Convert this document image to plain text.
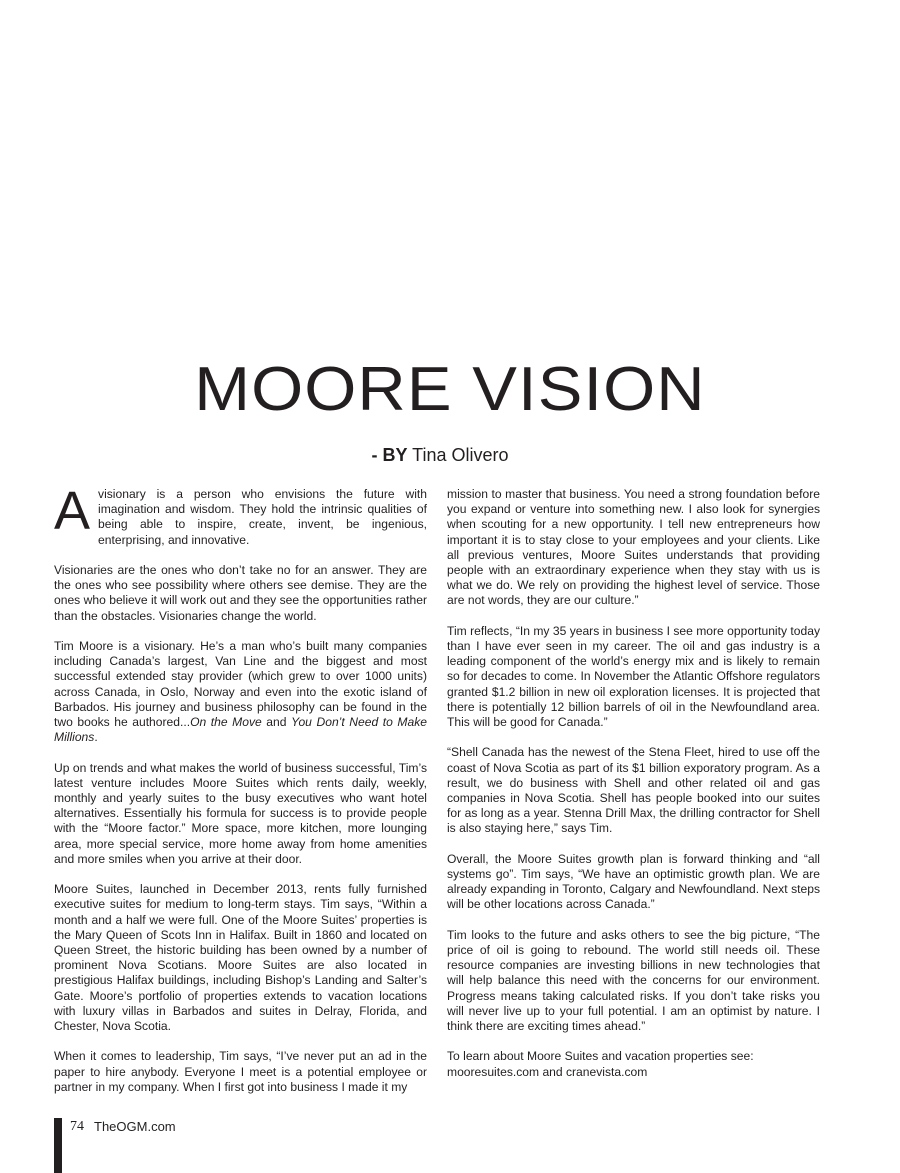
MOORE VISION
- BY Tina Olivero

Avisionary is a person who envisions the future with imagination and wisdom. They hold the intrinsic qualities of being able to inspire, create, invent, be ingenious, enterprising, and innovative.

Visionaries are the ones who don’t take no for an answer. They are the ones who see possibility where others see demise. They are the ones who believe it will work out and they see the opportunities rather than the obstacles. Visionaries change the world.

Tim Moore is a visionary. He’s a man who’s built many companies including Canada’s largest, Van Line and the biggest and most successful extended stay provider (which grew to over 1000 units) across Canada, in Oslo, Norway and even into the exotic island of Barbados. His journey and business philosophy can be found in the two books he authored...On the Move and You Don’t Need to Make Millions.

Up on trends and what makes the world of business successful, Tim’s latest venture includes Moore Suites which rents daily, weekly, monthly and yearly suites to the busy executives who want hotel alternatives. Essentially his formula for success is to provide people with the “Moore factor.” More space, more kitchen, more lounging area, more special service, more home away from home amenities and more smiles when you arrive at their door.

Moore Suites, launched in December 2013, rents fully furnished executive suites for medium to long-term stays. Tim says, “Within a month and a half we were full. One of the Moore Suites’ properties is the Mary Queen of Scots Inn in Halifax. Built in 1860 and located on Queen Street, the historic building has been owned by a number of prominent Nova Scotians. Moore Suites are also located in prestigious Halifax buildings, including Bishop’s Landing and Salter’s Gate. Moore’s portfolio of properties extends to vacation locations with luxury villas in Barbados and suites in Delray, Florida, and Chester, Nova Scotia.

When it comes to leadership, Tim says, “I’ve never put an ad in the paper to hire anybody. Everyone I meet is a potential employee or partner in my company. When I first got into business I made it my

mission to master that business. You need a strong foundation before you expand or venture into something new. I also look for synergies when scouting for a new opportunity. I tell new entrepreneurs how important it is to stay close to your employees and your clients. Like all previous ventures, Moore Suites understands that providing people with an extraordinary experience when they stay with us is what we do. We rely on providing the highest level of service. Those are not words, they are our culture.”

Tim reflects, “In my 35 years in business I see more opportunity today than I have ever seen in my career. The oil and gas industry is a leading component of the world’s energy mix and is likely to remain so for decades to come. In November the Atlantic Offshore regulators granted $1.2 billion in new oil exploration licenses. It is projected that there is potentially 12 billion barrels of oil in the Newfoundland area. This will be good for Canada.”

“Shell Canada has the newest of the Stena Fleet, hired to use off the coast of Nova Scotia as part of its $1 billion exporatory program. As a result, we do business with Shell and other related oil and gas companies in Nova Scotia. Shell has people booked into our suites for as long as a year. Stenna Drill Max, the drilling contractor for Shell is also staying here,” says Tim.

Overall, the Moore Suites growth plan is forward thinking and “all systems go”. Tim says, “We have an optimistic growth plan. We are already expanding in Toronto, Calgary and Newfoundland. Next steps will be other locations across Canada.”

Tim looks to the future and asks others to see the big picture, “The price of oil is going to rebound. The world still needs oil. These resource companies are investing billions in new technologies that will help balance this need with the concerns for our environment. Progress means taking calculated risks. If you don’t take risks you will never live up to your full potential. I am an optimist by nature. I think there are exciting times ahead.”

To learn about Moore Suites and vacation properties see:
mooresuites.com and cranevista.com

74 TheOGM.com
